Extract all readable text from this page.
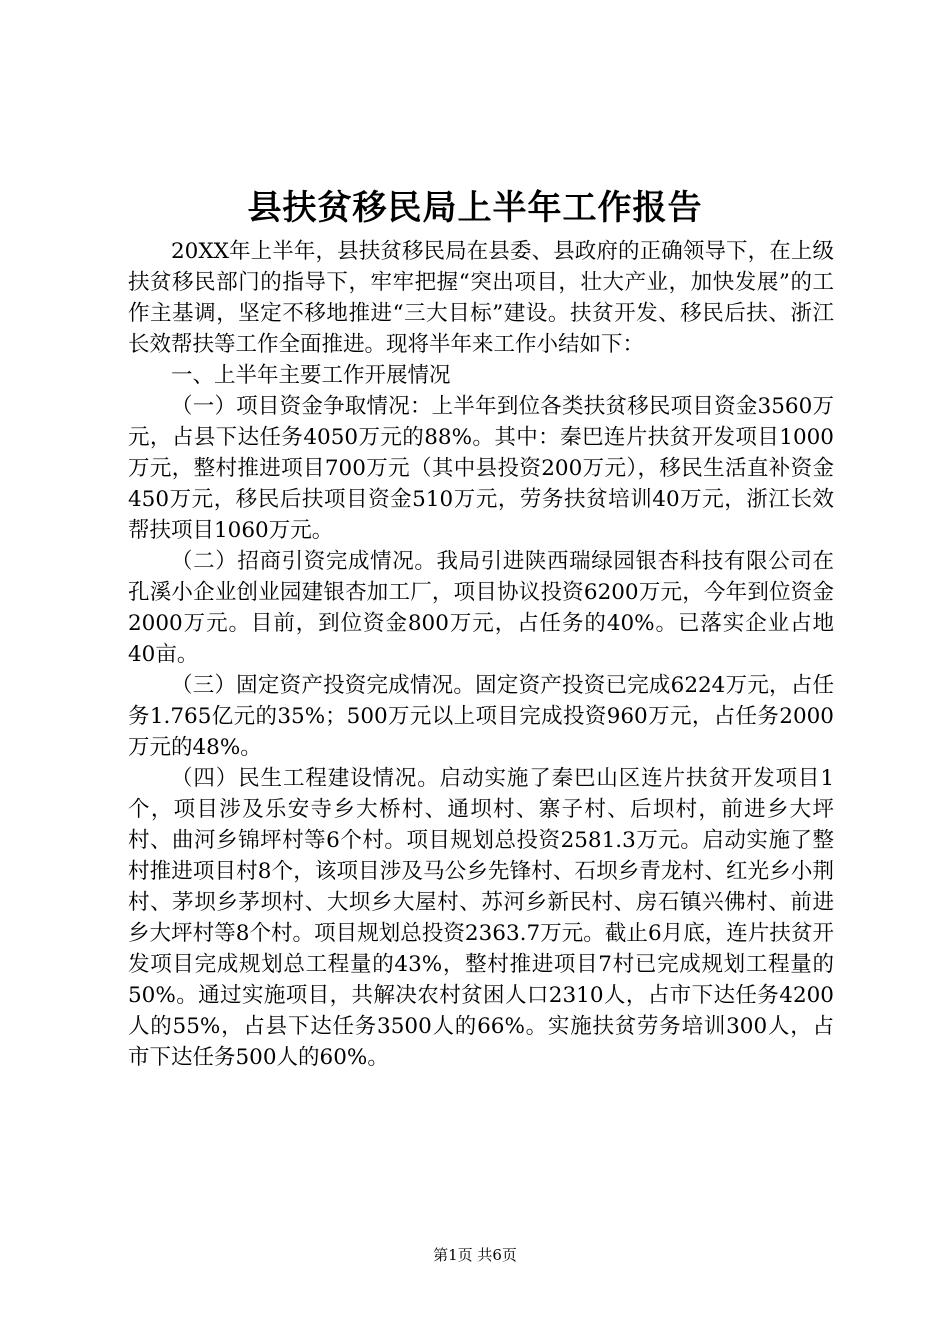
县扶贫移民局上半年工作报告

20XX年上半年，县扶贫移民局在县委、县政府的正确领导下，在上级扶贫移民部门的指导下，牢牢把握“突出项目，壮大产业，加快发展”的工作主基调，坚定不移地推进“三大目标”建设。扶贫开发、移民后扶、浙江长效帮扶等工作全面推进。现将半年来工作小结如下：

一、上半年主要工作开展情况

（一）项目资金争取情况：上半年到位各类扶贫移民项目资金3560万元，占县下达任务4050万元的88%。其中：秦巴连片扶贫开发项目1000万元，整村推进项目700万元（其中县投资200万元），移民生活直补资金450万元，移民后扶项目资金510万元，劳务扶贫培训40万元，浙江长效帮扶项目1060万元。

（二）招商引资完成情况。我局引进陕西瑞绿园银杏科技有限公司在孔溪小企业创业园建银杏加工厂，项目协议投资6200万元，今年到位资金2000万元。目前，到位资金800万元，占任务的40%。已落实企业占地40亩。

（三）固定资产投资完成情况。固定资产投资已完成6224万元，占任务1.765亿元的35%；500万元以上项目完成投资960万元，占任务2000万元的48%。

（四）民生工程建设情况。启动实施了秦巴山区连片扶贫开发项目1个，项目涉及乐安寺乡大桥村、通坝村、寨子村、后坝村，前进乡大坪村、曲河乡锦坪村等6个村。项目规划总投资2581.3万元。启动实施了整村推进项目村8个，该项目涉及马公乡先锋村、石坝乡青龙村、红光乡小荆村、茅坝乡茅坝村、大坝乡大屋村、苏河乡新民村、房石镇兴佛村、前进乡大坪村等8个村。项目规划总投资2363.7万元。截止6月底，连片扶贫开发项目完成规划总工程量的43%，整村推进项目7村已完成规划工程量的50%。通过实施项目，共解决农村贫困人口2310人，占市下达任务4200人的55%，占县下达任务3500人的66%。实施扶贫劳务培训300人，占市下达任务500人的60%。

第1页 共6页
